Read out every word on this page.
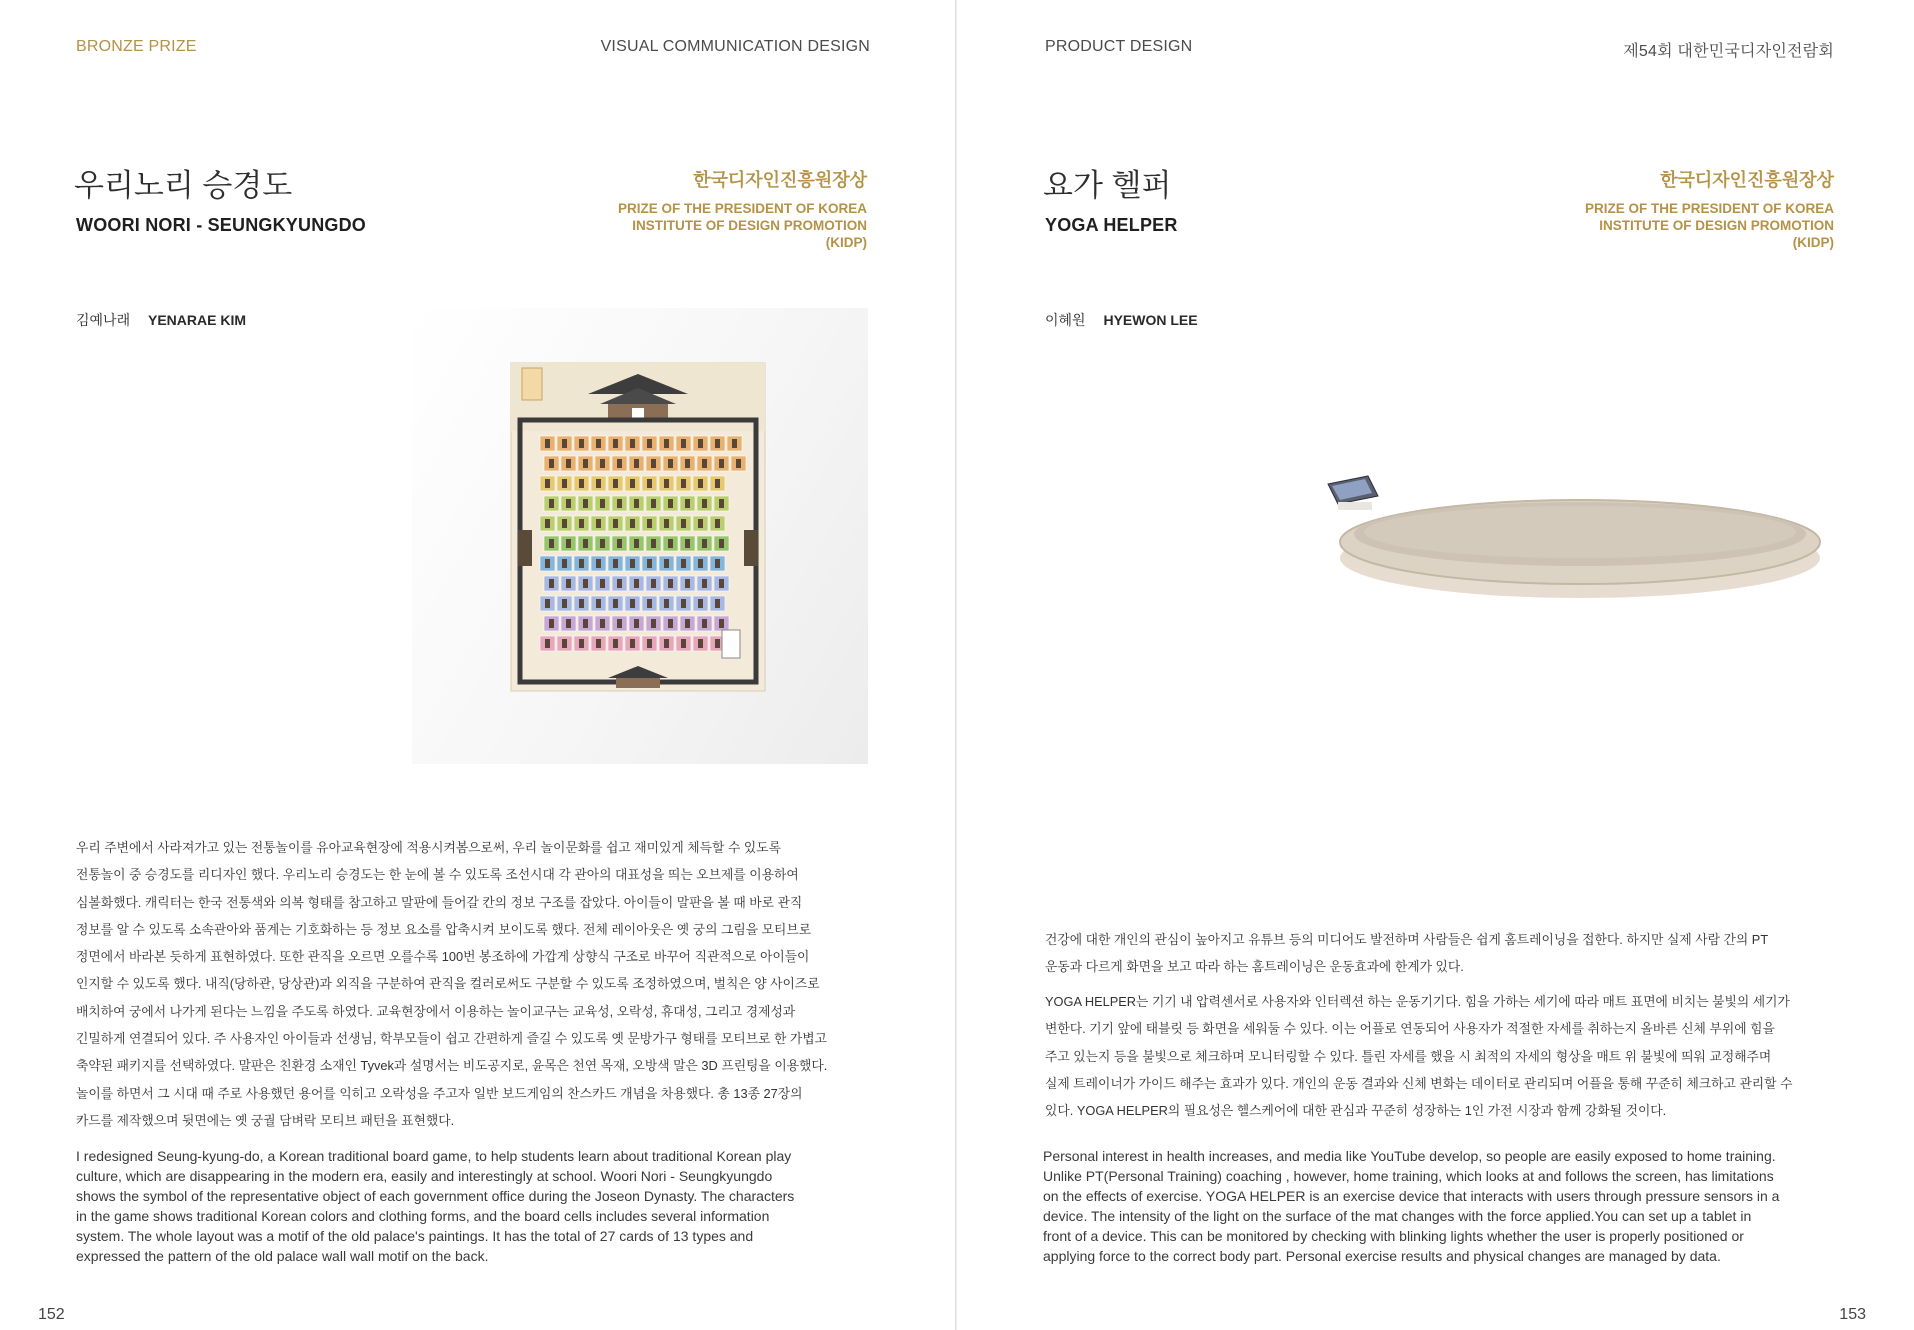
BRONZE PRIZE	VISUAL COMMUNICATION DESIGN
우리노리 승경도
WOORI NORI - SEUNGKYUNGDO
한국디자인진흥원장상
PRIZE OF THE PRESIDENT OF KOREA
INSTITUTE OF DESIGN PROMOTION
(KIDP)
김예나래 YENARAE KIM

우리 주변에서 사라져가고 있는 전통놀이를 유아교육현장에 적용시켜봄으로써, 우리 놀이문화를 쉽고 재미있게 체득할 수 있도록

전통놀이 중 승경도를 리디자인 했다. 우리노리 승경도는 한 눈에 볼 수 있도록 조선시대 각 관아의 대표성을 띄는 오브제를 이용하여

심볼화했다. 캐릭터는 한국 전통색와 의복 형태를 참고하고 말판에 들어갈 칸의 정보 구조를 잡았다. 아이들이 말판을 볼 때 바로 관직

정보를 알 수 있도록 소속관아와 품계는 기호화하는 등 정보 요소를 압축시켜 보이도록 했다. 전체 레이아웃은 옛 궁의 그림을 모티브로

정면에서 바라본 듯하게 표현하였다. 또한 관직을 오르면 오를수록 100번 봉조하에 가깝게 상향식 구조로 바꾸어 직관적으로 아이들이

인지할 수 있도록 했다. 내직(당하관, 당상관)과 외직을 구분하여 관직을 컬러로써도 구분할 수 있도록 조정하였으며, 벌칙은 양 사이즈로

배치하여 궁에서 나가게 된다는 느낌을 주도록 하였다. 교육현장에서 이용하는 놀이교구는 교육성, 오락성, 휴대성, 그리고 경제성과

긴밀하게 연결되어 있다. 주 사용자인 아이들과 선생님, 학부모들이 쉽고 간편하게 즐길 수 있도록 옛 문방가구 형태를 모티브로 한 가볍고

축약된 패키지를 선택하였다. 말판은 친환경 소재인 Tyvek과 설명서는 비도공지로, 윤목은 천연 목재, 오방색 말은 3D 프린팅을 이용했다.

놀이를 하면서 그 시대 때 주로 사용했던 용어를 익히고 오락성을 주고자 일반 보드게임의 찬스카드 개념을 차용했다. 총 13종 27장의

카드를 제작했으며 뒷면에는 옛 궁궐 담벼락 모티브 패턴을 표현했다.

I redesigned Seung-kyung-do, a Korean traditional board game, to help students learn about traditional Korean play

culture, which are disappearing in the modern era, easily and interestingly at school. Woori Nori - Seungkyungdo

shows the symbol of the representative object of each government office during the Joseon Dynasty. The characters

in the game shows traditional Korean colors and clothing forms, and the board cells includes several information

system. The whole layout was a motif of the old palace's paintings. It has the total of 27 cards of 13 types and

expressed the pattern of the old palace wall wall motif on the back.

152
PRODUCT DESIGN	제54회 대한민국디자인전람회
요가 헬퍼
YOGA HELPER
한국디자인진흥원장상
PRIZE OF THE PRESIDENT OF KOREA
INSTITUTE OF DESIGN PROMOTION
(KIDP)
이혜원 HYEWON LEE

건강에 대한 개인의 관심이 높아지고 유튜브 등의 미디어도 발전하며 사람들은 쉽게 홈트레이닝을 접한다. 하지만 실제 사람 간의 PT

운동과 다르게 화면을 보고 따라 하는 홈트레이닝은 운동효과에 한계가 있다.

YOGA HELPER는 기기 내 압력센서로 사용자와 인터렉션 하는 운동기기다. 힘을 가하는 세기에 따라 매트 표면에 비치는 불빛의 세기가

변한다. 기기 앞에 태블릿 등 화면을 세워둘 수 있다. 이는 어플로 연동되어 사용자가 적절한 자세를 취하는지 올바른 신체 부위에 힘을

주고 있는지 등을 불빛으로 체크하며 모니터링할 수 있다. 틀린 자세를 했을 시 최적의 자세의 형상을 매트 위 불빛에 띄워 교정해주며

실제 트레이너가 가이드 해주는 효과가 있다. 개인의 운동 결과와 신체 변화는 데이터로 관리되며 어플을 통해 꾸준히 체크하고 관리할 수

있다. YOGA HELPER의 필요성은 헬스케어에 대한 관심과 꾸준히 성장하는 1인 가전 시장과 함께 강화될 것이다.

Personal interest in health increases, and media like YouTube develop, so people are easily exposed to home training.

Unlike PT(Personal Training) coaching , however, home training, which looks at and follows the screen, has limitations

on the effects of exercise. YOGA HELPER is an exercise device that interacts with users through pressure sensors in a

device. The intensity of the light on the surface of the mat changes with the force applied.You can set up a tablet in

front of a device. This can be monitored by checking with blinking lights whether the user is properly positioned or

applying force to the correct body part. Personal exercise results and physical changes are managed by data.

153
